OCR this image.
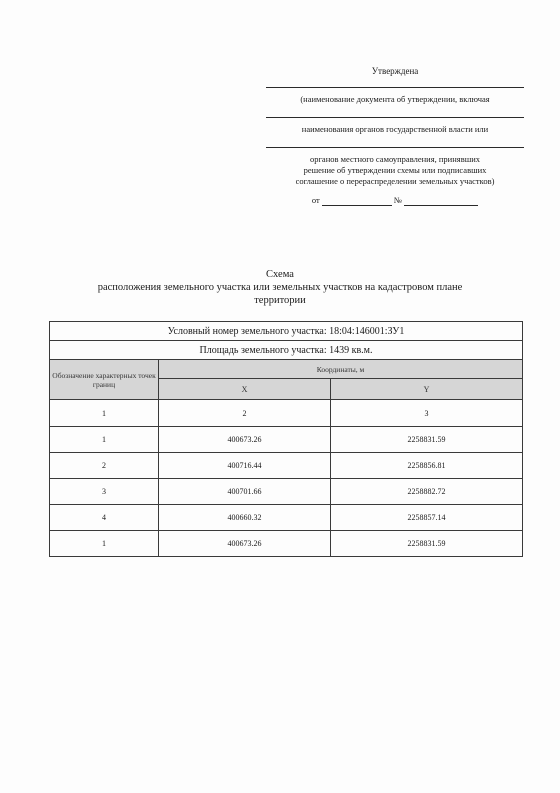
Утверждена
(наименование документа об утверждении, включая
наименования органов государственной власти или
органов местного самоуправления, принявших
решение об утверждении схемы или подписавших
соглашение о перераспределении земельных участков)
от	№
Схема
расположения земельного участка или земельных участков на кадастровом плане
территории
Условный номер земельного участка: 18:04:146001:ЗУ1		
Площадь земельного участка: 1439 кв.м.		
Обозначение характерных точек границ	Координаты, м	
	X	Y
1	2	3
1	400673.26	2258831.59
2	400716.44	2258856.81
3	400701.66	2258882.72
4	400660.32	2258857.14
1	400673.26	2258831.59
